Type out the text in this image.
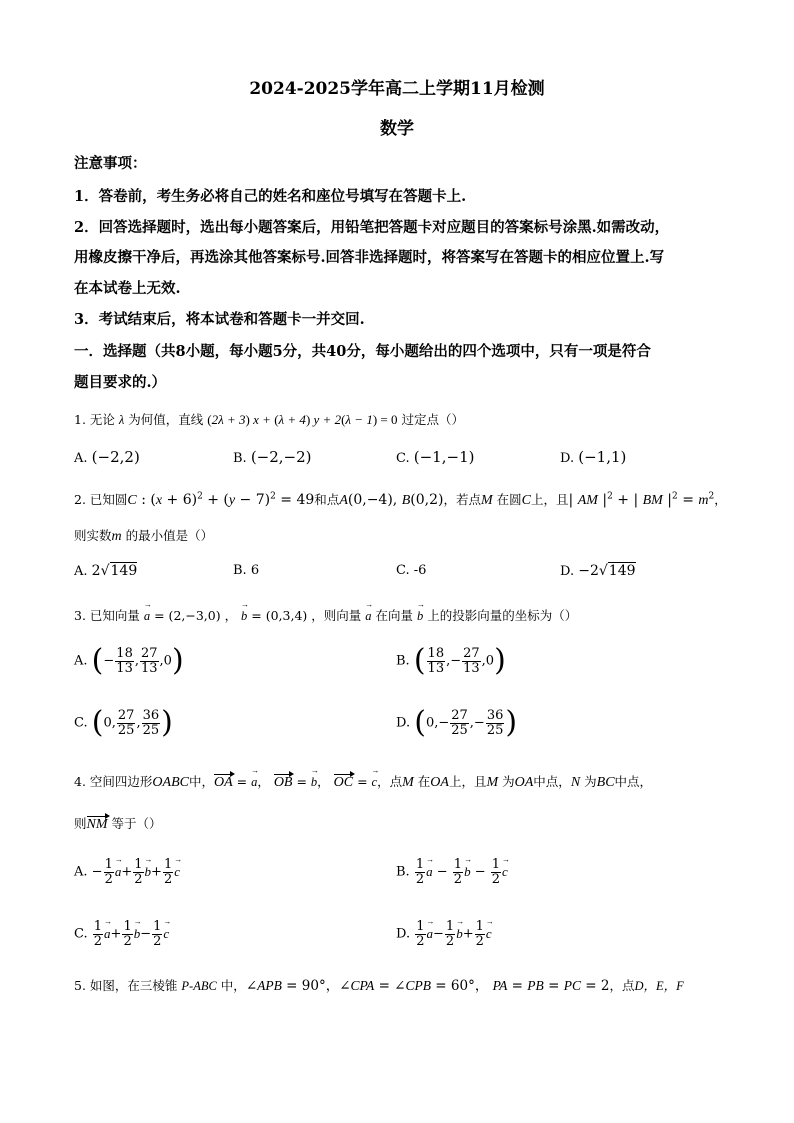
2024-2025学年高二上学期11月检测
数学
注意事项：
1．答卷前，考生务必将自己的姓名和座位号填写在答题卡上.
2．回答选择题时，选出每小题答案后，用铅笔把答题卡对应题目的答案标号涂黑.如需改动，
用橡皮擦干净后，再选涂其他答案标号.回答非选择题时，将答案写在答题卡的相应位置上.写
在本试卷上无效.
3．考试结束后，将本试卷和答题卡一并交回.
一．选择题（共8小题，每小题5分，共40分，每小题给出的四个选项中，只有一项是符合
题目要求的.）
1. 无论 λ 为何值，直线 (2λ + 3) x + (λ + 4) y + 2(λ − 1) = 0 过定点（）
A. (−2,2)	B. (−2,−2)	C. (−1,−1)	D. (−1,1)
2. 已知圆C : $(x + 6)^2 + (y - 7)^2 = 49$和点A(0,−4), B(0,2)，若点M 在圆C上，且| AM $|^2$ + | BM $|^2 = m^2$，
则实数m 的最小值是（）
A. 2√149	B. 6	C. -6	D. −2√149
3. 已知向量 → a = (2,−3,0) ， → b = (0,3,4) ，则向量 → a 在向量 → b 上的投影向量的坐标为（）
A. (− $\frac{18}{13}$ , $\frac{27}{13} ,0$)	B. ( $\frac{18}{13}$ ,− $\frac{27}{13} ,0$)
C. (0, $\frac{27}{25}$ , $\frac{36}{25}$ )	D. ($0,- \frac{27}{25}$ ,− $\frac{36}{25}$ )
4. 空间四边形OABC中，OA = → a， OB = → b， OC = → c，点M 在OA上，且M 为OA中点，N 为BC中点，
则NM 等于（）
A. − $\frac{1}{2}$
→ $a+ \frac{1}{2}$
→ $b+ \frac{1}{2}$
→ c	B. $\frac{1}{2}$
→ $a - \frac{1}{2}$
→ $b - \frac{1}{2}$
→ c
C. $\frac{1}{2}$
→ $a+ \frac{1}{2}$
→ $b- \frac{1}{2}$
→ c	D. $\frac{1}{2}$
→ $a- \frac{1}{2}$
→ $b+ \frac{1}{2}$
→ c
5. 如图，在三棱锥 P-ABC 中，∠APB = 90°，∠CPA = ∠CPB = 60°， PA = PB = PC = 2，点D，E，F
